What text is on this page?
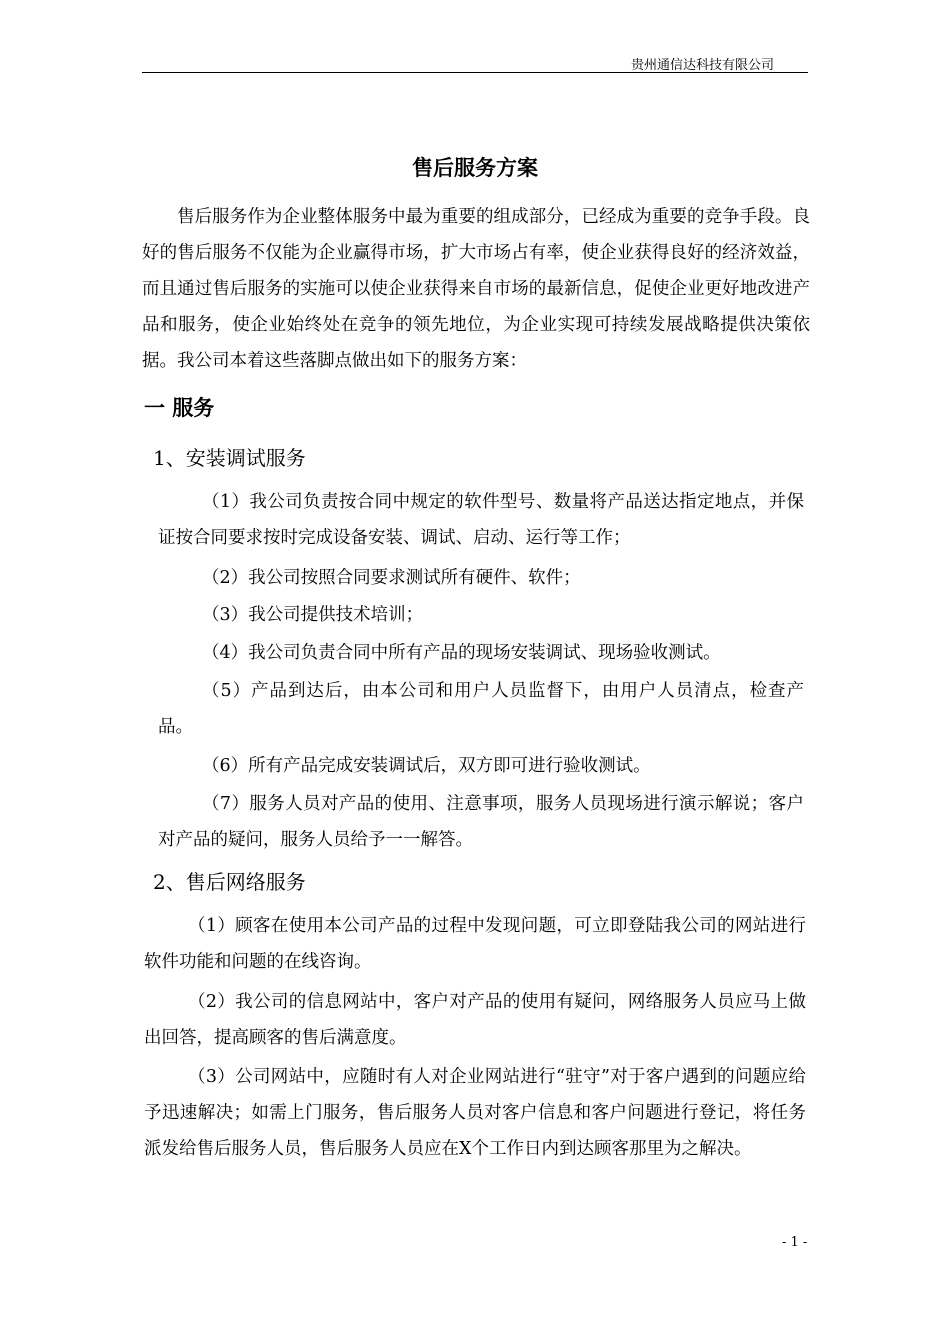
贵州通信达科技有限公司
售后服务方案

售后服务作为企业整体服务中最为重要的组成部分，已经成为重要的竞争手段。良好的售后服务不仅能为企业赢得市场，扩大市场占有率，使企业获得良好的经济效益，而且通过售后服务的实施可以使企业获得来自市场的最新信息，促使企业更好地改进产品和服务，使企业始终处在竞争的领先地位，为企业实现可持续发展战略提供决策依据。我公司本着这些落脚点做出如下的服务方案：

一 服务
1、安装调试服务

（1）我公司负责按合同中规定的软件型号、数量将产品送达指定地点，并保证按合同要求按时完成设备安装、调试、启动、运行等工作；

（2）我公司按照合同要求测试所有硬件、软件；

（3）我公司提供技术培训；

（4）我公司负责合同中所有产品的现场安装调试、现场验收测试。

（5）产品到达后，由本公司和用户人员监督下，由用户人员清点，检查产品。

（6）所有产品完成安装调试后，双方即可进行验收测试。

（7）服务人员对产品的使用、注意事项，服务人员现场进行演示解说；客户对产品的疑问，服务人员给予一一解答。

2、售后网络服务

（1）顾客在使用本公司产品的过程中发现问题，可立即登陆我公司的网站进行软件功能和问题的在线咨询。

（2）我公司的信息网站中，客户对产品的使用有疑问，网络服务人员应马上做出回答，提高顾客的售后满意度。

（3）公司网站中，应随时有人对企业网站进行“驻守”对于客户遇到的问题应给予迅速解决；如需上门服务，售后服务人员对客户信息和客户问题进行登记，将任务派发给售后服务人员，售后服务人员应在X个工作日内到达顾客那里为之解决。

- 1 -
